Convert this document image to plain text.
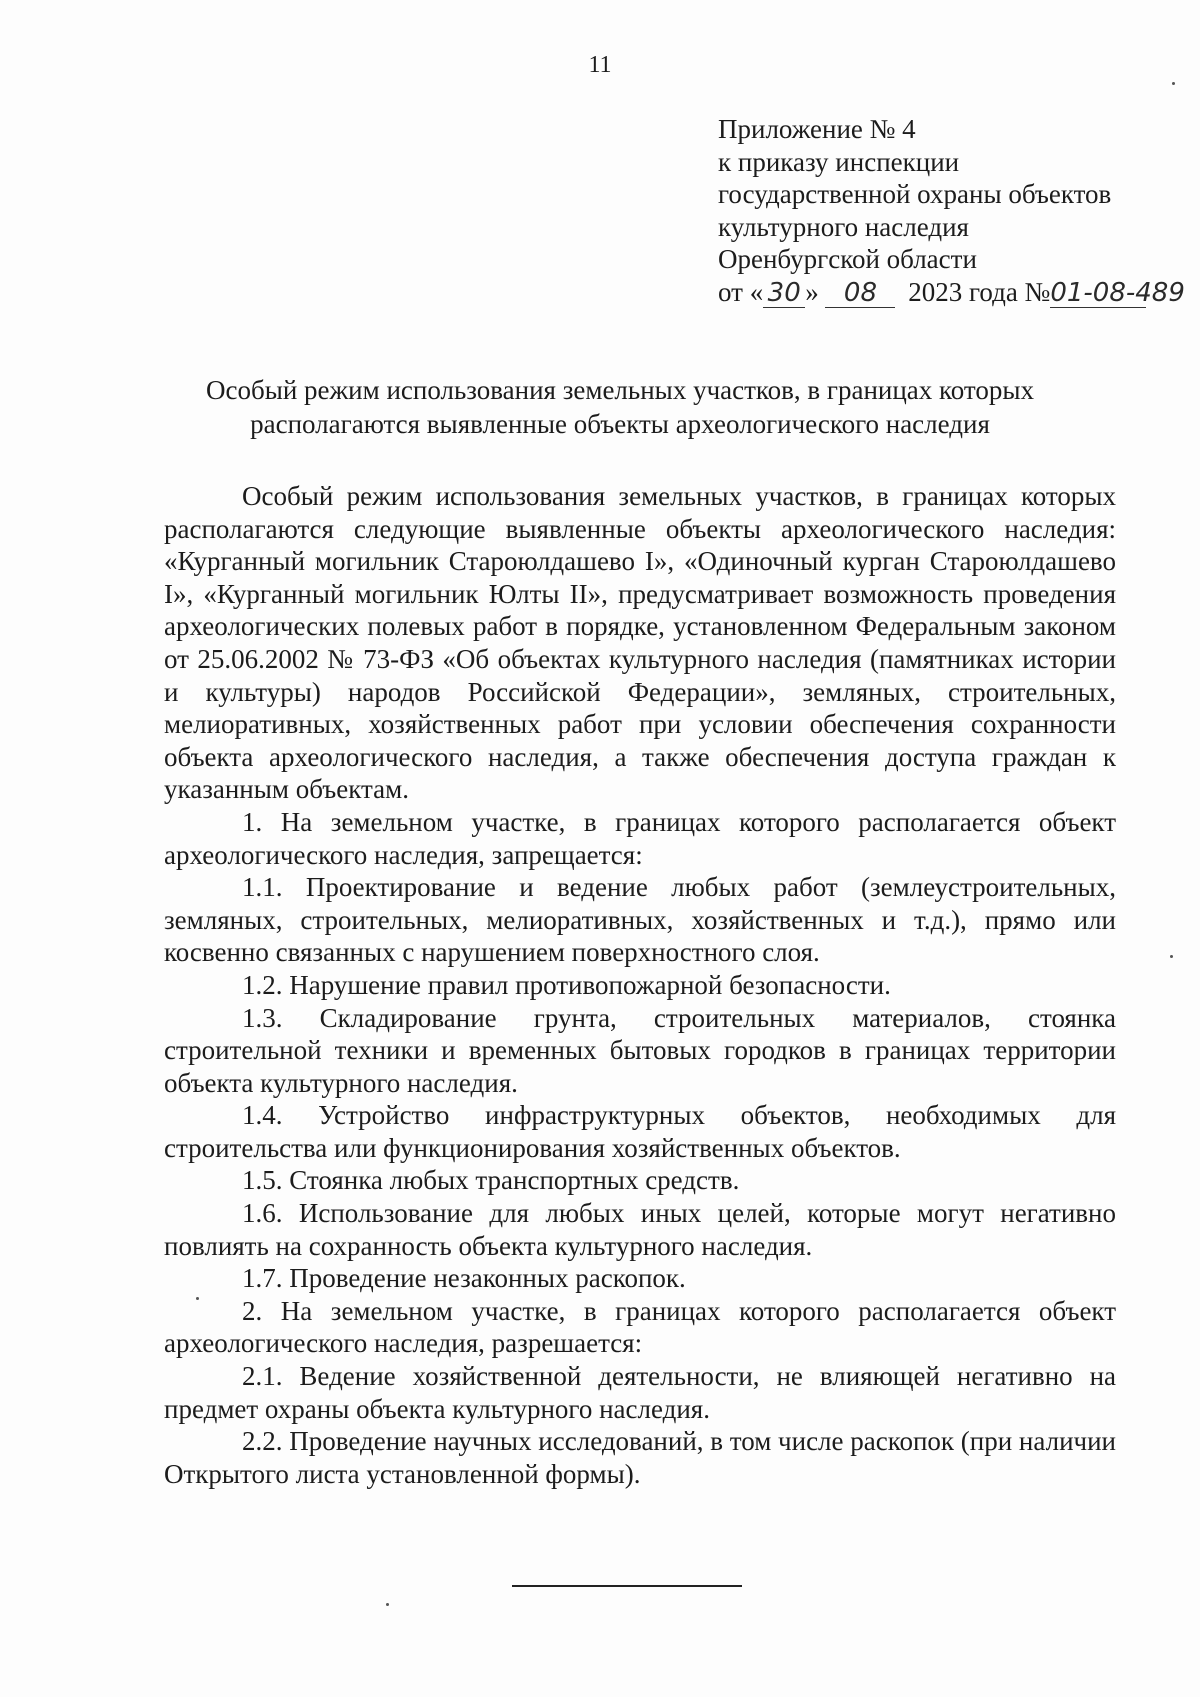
11
Приложение № 4
к приказу инспекции
государственной охраны объектов
культурного наследия
Оренбургской области
от « 30 » 08 2023 года №01-08-489
Особый режим использования земельных участков, в границах которых располагаются выявленные объекты археологического наследия

Особый режим использования земельных участков, в границах которых располагаются следующие выявленные объекты археологического наследия: «Курганный могильник Староюлдашево I», «Одиночный курган Староюлдашево I», «Курганный могильник Юлты II», предусматривает возможность проведения археологических полевых работ в порядке, установленном Федеральным законом от 25.06.2002 № 73-ФЗ «Об объектах культурного наследия (памятниках истории и культуры) народов Российской Федерации», земляных, строительных, мелиоративных, хозяйственных работ при условии обеспечения сохранности объекта археологического наследия, а также обеспечения доступа граждан к указанным объектам.

1. На земельном участке, в границах которого располагается объект археологического наследия, запрещается:

1.1. Проектирование и ведение любых работ (землеустроительных, земляных, строительных, мелиоративных, хозяйственных и т.д.), прямо или косвенно связанных с нарушением поверхностного слоя.

1.2. Нарушение правил противопожарной безопасности.

1.3. Складирование грунта, строительных материалов, стоянка строительной техники и временных бытовых городков в границах территории объекта культурного наследия.

1.4. Устройство инфраструктурных объектов, необходимых для строительства или функционирования хозяйственных объектов.

1.5. Стоянка любых транспортных средств.

1.6. Использование для любых иных целей, которые могут негативно повлиять на сохранность объекта культурного наследия.

1.7. Проведение незаконных раскопок.

2. На земельном участке, в границах которого располагается объект археологического наследия, разрешается:

2.1. Ведение хозяйственной деятельности, не влияющей негативно на предмет охраны объекта культурного наследия.

2.2. Проведение научных исследований, в том числе раскопок (при наличии Открытого листа установленной формы).
